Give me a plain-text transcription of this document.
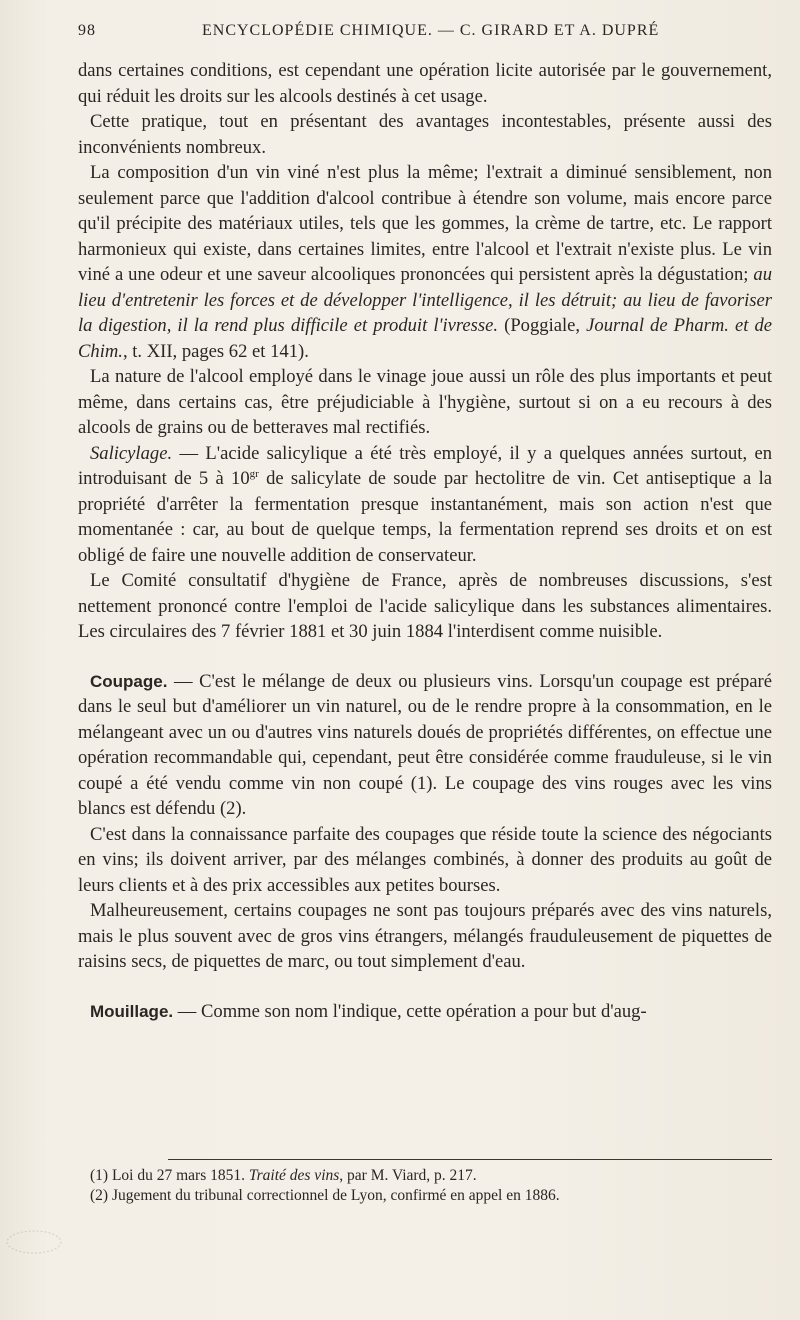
98	ENCYCLOPÉDIE CHIMIQUE. — C. GIRARD ET A. DUPRÉ

dans certaines conditions, est cependant une opération licite autorisée par le gouvernement, qui réduit les droits sur les alcools destinés à cet usage.

Cette pratique, tout en présentant des avantages incontestables, présente aussi des inconvénients nombreux.

La composition d'un vin viné n'est plus la même; l'extrait a diminué sensiblement, non seulement parce que l'addition d'alcool contribue à étendre son volume, mais encore parce qu'il précipite des matériaux utiles, tels que les gommes, la crème de tartre, etc. Le rapport harmonieux qui existe, dans certaines limites, entre l'alcool et l'extrait n'existe plus. Le vin viné a une odeur et une saveur alcooliques prononcées qui persistent après la dégustation; au lieu d'entretenir les forces et de développer l'intelligence, il les détruit; au lieu de favoriser la digestion, il la rend plus difficile et produit l'ivresse. (Poggiale, Journal de Pharm. et de Chim., t. XII, pages 62 et 141).

La nature de l'alcool employé dans le vinage joue aussi un rôle des plus importants et peut même, dans certains cas, être préjudiciable à l'hygiène, surtout si on a eu recours à des alcools de grains ou de betteraves mal rectifiés.

Salicylage. — L'acide salicylique a été très employé, il y a quelques années surtout, en introduisant de 5 à $10^{gr}$ de salicylate de soude par hectolitre de vin. Cet antiseptique a la propriété d'arrêter la fermentation presque instantanément, mais son action n'est que momentanée : car, au bout de quelque temps, la fermentation reprend ses droits et on est obligé de faire une nouvelle addition de conservateur.

Le Comité consultatif d'hygiène de France, après de nombreuses discussions, s'est nettement prononcé contre l'emploi de l'acide salicylique dans les substances alimentaires. Les circulaires des 7 février 1881 et 30 juin 1884 l'interdisent comme nuisible.

Coupage. — C'est le mélange de deux ou plusieurs vins. Lorsqu'un coupage est préparé dans le seul but d'améliorer un vin naturel, ou de le rendre propre à la consommation, en le mélangeant avec un ou d'autres vins naturels doués de propriétés différentes, on effectue une opération recommandable qui, cependant, peut être considérée comme frauduleuse, si le vin coupé a été vendu comme vin non coupé (1). Le coupage des vins rouges avec les vins blancs est défendu (2).

C'est dans la connaissance parfaite des coupages que réside toute la science des négociants en vins; ils doivent arriver, par des mélanges combinés, à donner des produits au goût de leurs clients et à des prix accessibles aux petites bourses.

Malheureusement, certains coupages ne sont pas toujours préparés avec des vins naturels, mais le plus souvent avec de gros vins étrangers, mélangés frauduleusement de piquettes de raisins secs, de piquettes de marc, ou tout simplement d'eau.

Mouillage. — Comme son nom l'indique, cette opération a pour but d'aug-

(1) Loi du 27 mars 1851. Traité des vins, par M. Viard, p. 217.
(2) Jugement du tribunal correctionnel de Lyon, confirmé en appel en 1886.
